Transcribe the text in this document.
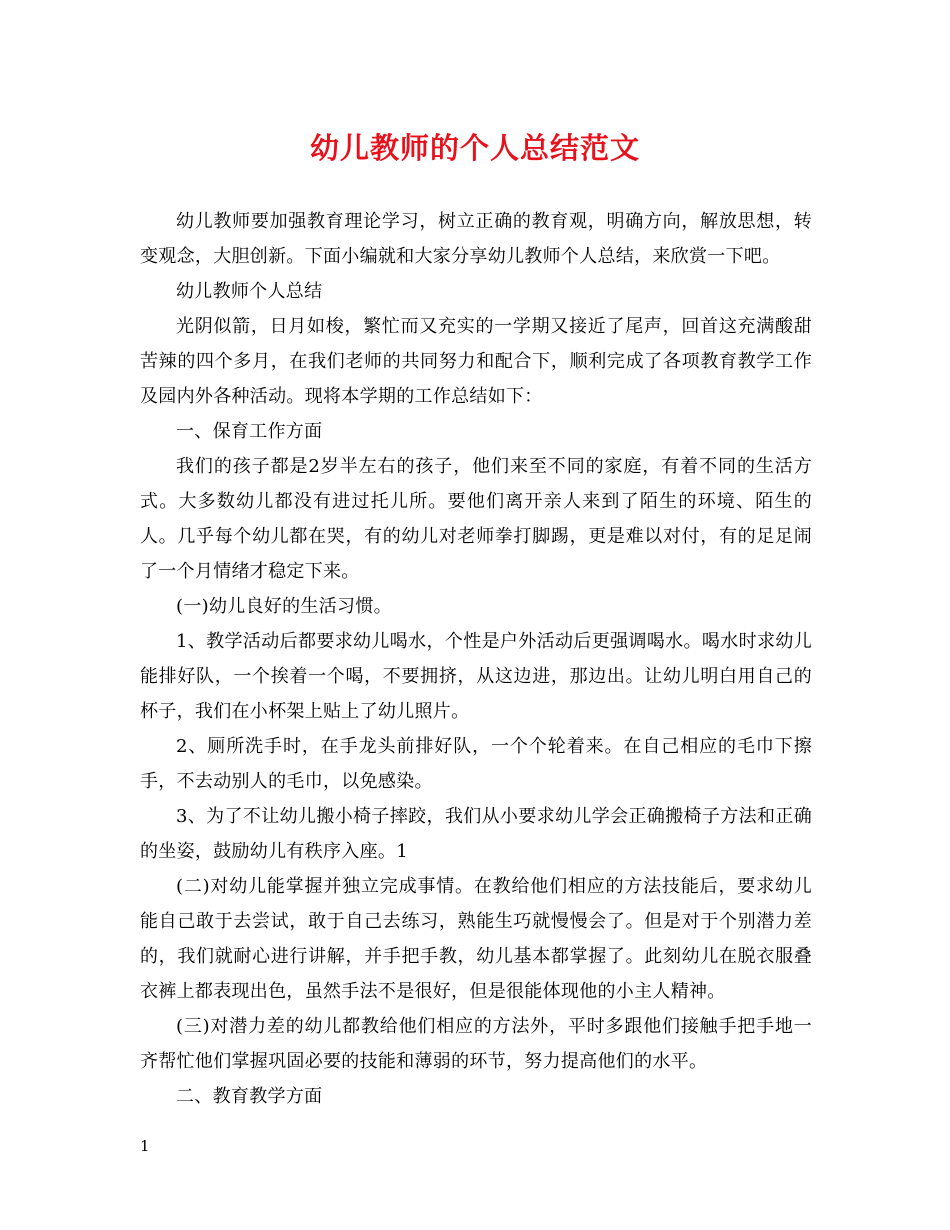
幼儿教师的个人总结范文

幼儿教师要加强教育理论学习，树立正确的教育观，明确方向，解放思想，转变观念，大胆创新。下面小编就和大家分享幼儿教师个人总结，来欣赏一下吧。

幼儿教师个人总结

光阴似箭，日月如梭，繁忙而又充实的一学期又接近了尾声，回首这充满酸甜苦辣的四个多月，在我们老师的共同努力和配合下，顺利完成了各项教育教学工作及园内外各种活动。现将本学期的工作总结如下：

一、保育工作方面

我们的孩子都是2岁半左右的孩子，他们来至不同的家庭，有着不同的生活方式。大多数幼儿都没有进过托儿所。要他们离开亲人来到了陌生的环境、陌生的人。几乎每个幼儿都在哭，有的幼儿对老师拳打脚踢，更是难以对付，有的足足闹了一个月情绪才稳定下来。

(一)幼儿良好的生活习惯。

1、教学活动后都要求幼儿喝水，个性是户外活动后更强调喝水。喝水时求幼儿能排好队，一个挨着一个喝，不要拥挤，从这边进，那边出。让幼儿明白用自己的杯子，我们在小杯架上贴上了幼儿照片。

2、厕所洗手时，在手龙头前排好队，一个个轮着来。在自己相应的毛巾下擦手，不去动别人的毛巾，以免感染。

3、为了不让幼儿搬小椅子摔跤，我们从小要求幼儿学会正确搬椅子方法和正确的坐姿，鼓励幼儿有秩序入座。1

(二)对幼儿能掌握并独立完成事情。在教给他们相应的方法技能后，要求幼儿能自己敢于去尝试，敢于自己去练习，熟能生巧就慢慢会了。但是对于个别潜力差的，我们就耐心进行讲解，并手把手教，幼儿基本都掌握了。此刻幼儿在脱衣服叠衣裤上都表现出色，虽然手法不是很好，但是很能体现他的小主人精神。

(三)对潜力差的幼儿都教给他们相应的方法外，平时多跟他们接触手把手地一齐帮忙他们掌握巩固必要的技能和薄弱的环节，努力提高他们的水平。

二、教育教学方面

1
